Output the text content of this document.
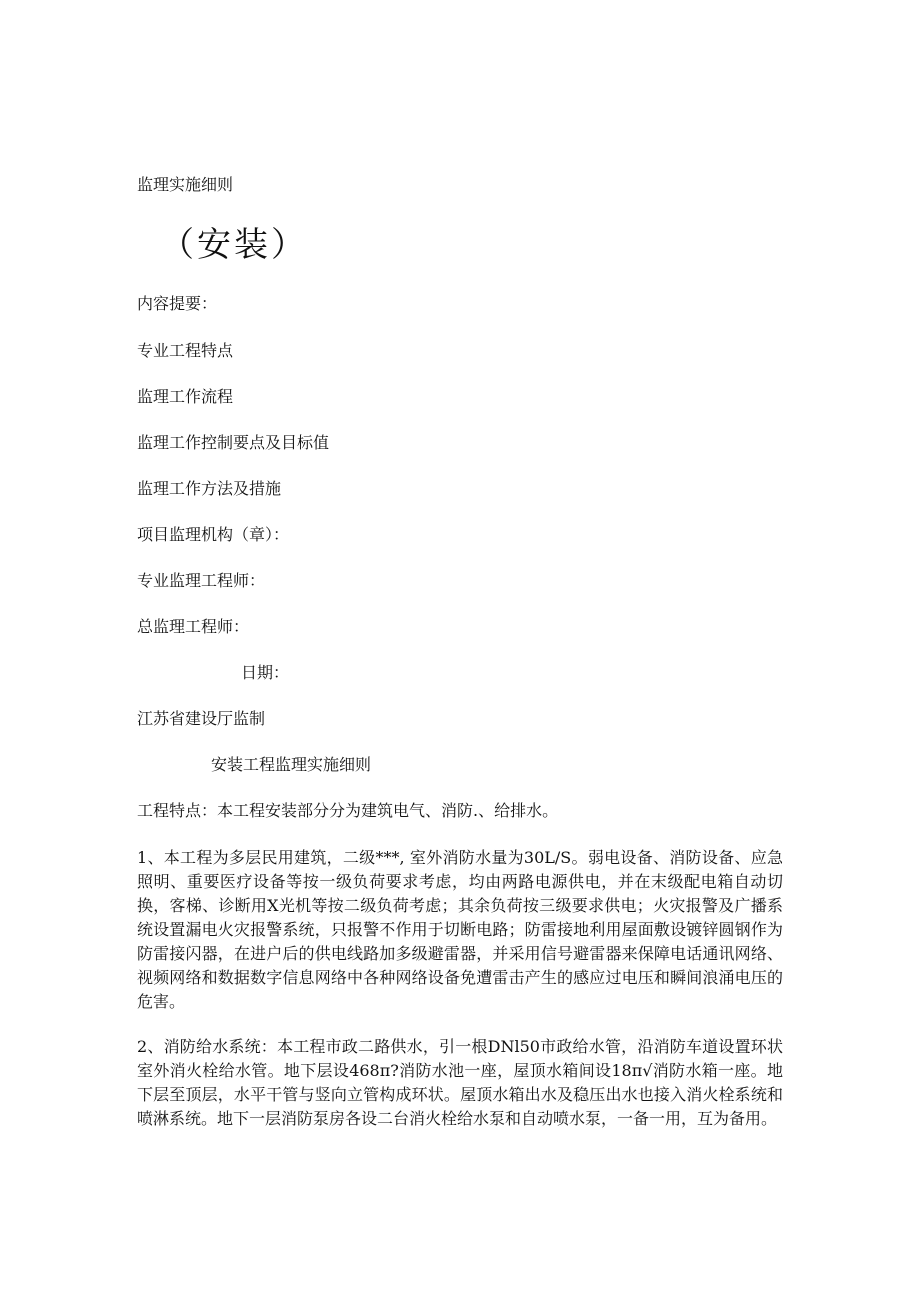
监理实施细则
（安装）
内容提要：
专业工程特点
监理工作流程
监理工作控制要点及目标值
监理工作方法及措施
项目监理机构（章）：
专业监理工程师：
总监理工程师：
日期：
江苏省建设厅监制
安装工程监理实施细则
工程特点：本工程安装部分分为建筑电气、消防.、给排水。
1、本工程为多层民用建筑，二级***, 室外消防水量为30L/S。弱电设备、消防设备、应急照明、重要医疗设备等按一级负荷要求考虑，均由两路电源供电，并在末级配电箱自动切换，客梯、诊断用X光机等按二级负荷考虑；其余负荷按三级要求供电；火灾报警及广播系统设置漏电火灾报警系统，只报警不作用于切断电路；防雷接地利用屋面敷设镀锌圆钢作为防雷接闪器，在进户后的供电线路加多级避雷器，并采用信号避雷器来保障电话通讯网络、视频网络和数据数字信息网络中各种网络设备免遭雷击产生的感应过电压和瞬间浪涌电压的危害。
2、消防给水系统：本工程市政二路供水，引一根DNl50市政给水管，沿消防车道设置环状室外消火栓给水管。地下层设468π?消防水池一座，屋顶水箱间设18π√消防水箱一座。地下层至顶层，水平干管与竖向立管构成环状。屋顶水箱出水及稳压出水也接入消火栓系统和喷淋系统。地下一层消防泵房各设二台消火栓给水泵和自动喷水泵，一备一用，互为备用。
